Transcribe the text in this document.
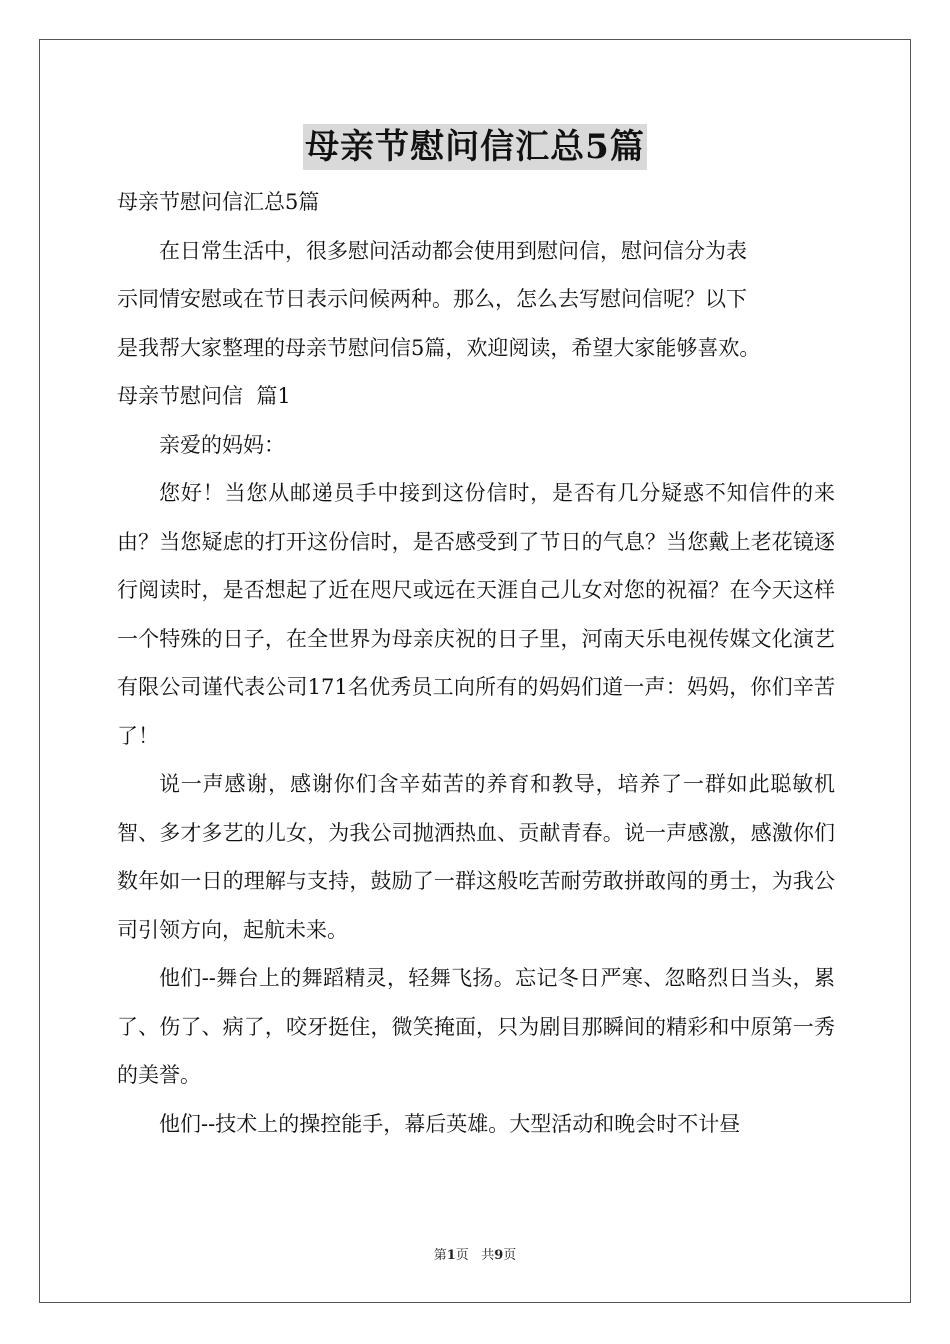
母亲节慰问信汇总5篇

母亲节慰问信汇总5篇

在日常生活中，很多慰问活动都会使用到慰问信，慰问信分为表

示同情安慰或在节日表示问候两种。那么，怎么去写慰问信呢？以下

是我帮大家整理的母亲节慰问信5篇，欢迎阅读，希望大家能够喜欢。

母亲节慰问信  篇1

亲爱的妈妈：

您好！当您从邮递员手中接到这份信时，是否有几分疑惑不知信件的来由？当您疑虑的打开这份信时，是否感受到了节日的气息？当您戴上老花镜逐行阅读时，是否想起了近在咫尺或远在天涯自己儿女对您的祝福？在今天这样一个特殊的日子，在全世界为母亲庆祝的日子里，河南天乐电视传媒文化演艺有限公司谨代表公司171名优秀员工向所有的妈妈们道一声：妈妈，你们辛苦了！

说一声感谢，感谢你们含辛茹苦的养育和教导，培养了一群如此聪敏机智、多才多艺的儿女，为我公司抛洒热血、贡献青春。说一声感激，感激你们数年如一日的理解与支持，鼓励了一群这般吃苦耐劳敢拼敢闯的勇士，为我公司引领方向，起航未来。

他们--舞台上的舞蹈精灵，轻舞飞扬。忘记冬日严寒、忽略烈日当头，累了、伤了、病了，咬牙挺住，微笑掩面，只为剧目那瞬间的精彩和中原第一秀的美誉。

他们--技术上的操控能手，幕后英雄。大型活动和晚会时不计昼

第1页   共9页
